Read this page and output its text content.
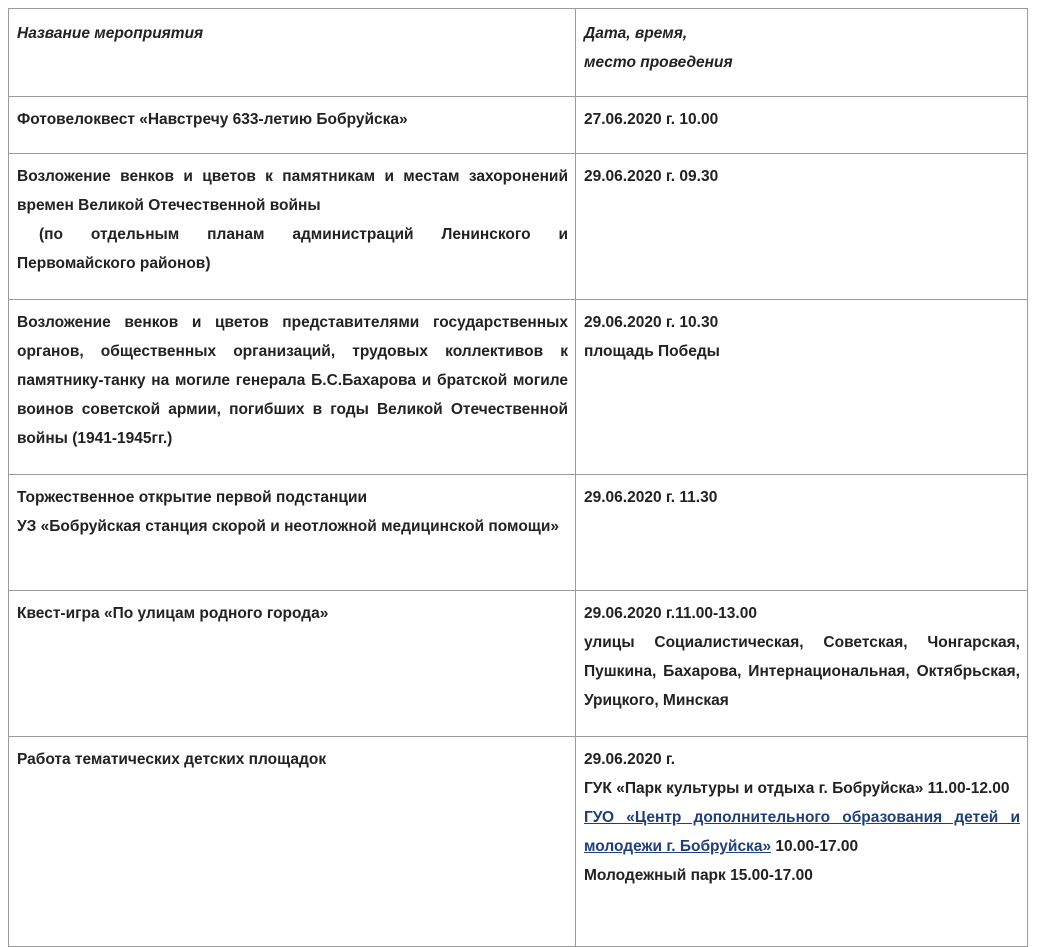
Название мероприятия	Дата, время,
место проведения

Фотовелоквест «Навстречу 633-летию Бобруйска»	27.06.2020 г. 10.00

Возложение венков и цветов к памятникам и местам захоронений времен Великой Отечественной войны
(по отдельным планам администраций Ленинского и Первомайского районов)	29.06.2020 г. 09.30
Возложение венков и цветов представителями государственных органов, общественных организаций, трудовых коллективов к памятнику-танку на могиле генерала Б.С.Бахарова и братской могиле воинов советской армии, погибших в годы Великой Отечественной войны (1941-1945гг.)	29.06.2020 г. 10.30
площадь Победы

Торжественное открытие первой подстанции
УЗ «Бобруйская станция скорой и неотложной медицинской помощи»	29.06.2020 г. 11.30
Квест-игра «По улицам родного города»	29.06.2020 г.11.00-13.00
улицы Социалистическая, Советская, Чонгарская, Пушкина, Бахарова, Интернациональная, Октябрьская, Урицкого, Минская

Работа тематических детских площадок	29.06.2020 г.
ГУК «Парк культуры и отдыха г. Бобруйска» 11.00-12.00
ГУО «Центр дополнительного образования детей и молодежи г. Бобруйска» 10.00-17.00
Молодежный парк 15.00-17.00
